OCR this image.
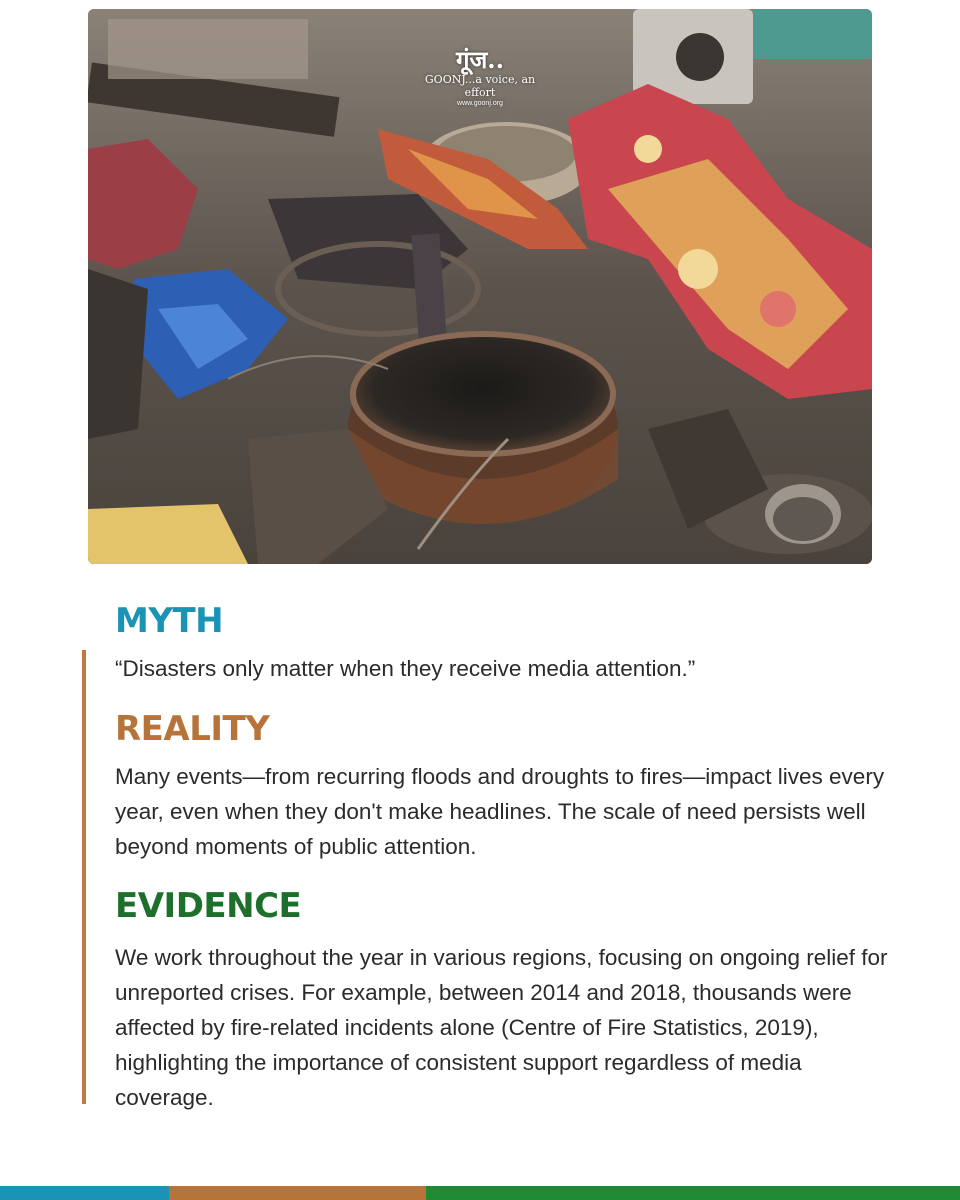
गूंज..
GOONJ...a voice, an effort
www.goonj.org
MYTH

“Disasters only matter when they receive media attention.”

REALITY

Many events—from recurring floods and droughts to fires—impact lives every year, even when they don't make headlines. The scale of need persists well beyond moments of public attention.

EVIDENCE

We work throughout the year in various regions, focusing on ongoing relief for unreported crises. For example, between 2014 and 2018, thousands were affected by fire-related incidents alone (Centre of Fire Statistics, 2019), highlighting the importance of consistent support regardless of media coverage.
